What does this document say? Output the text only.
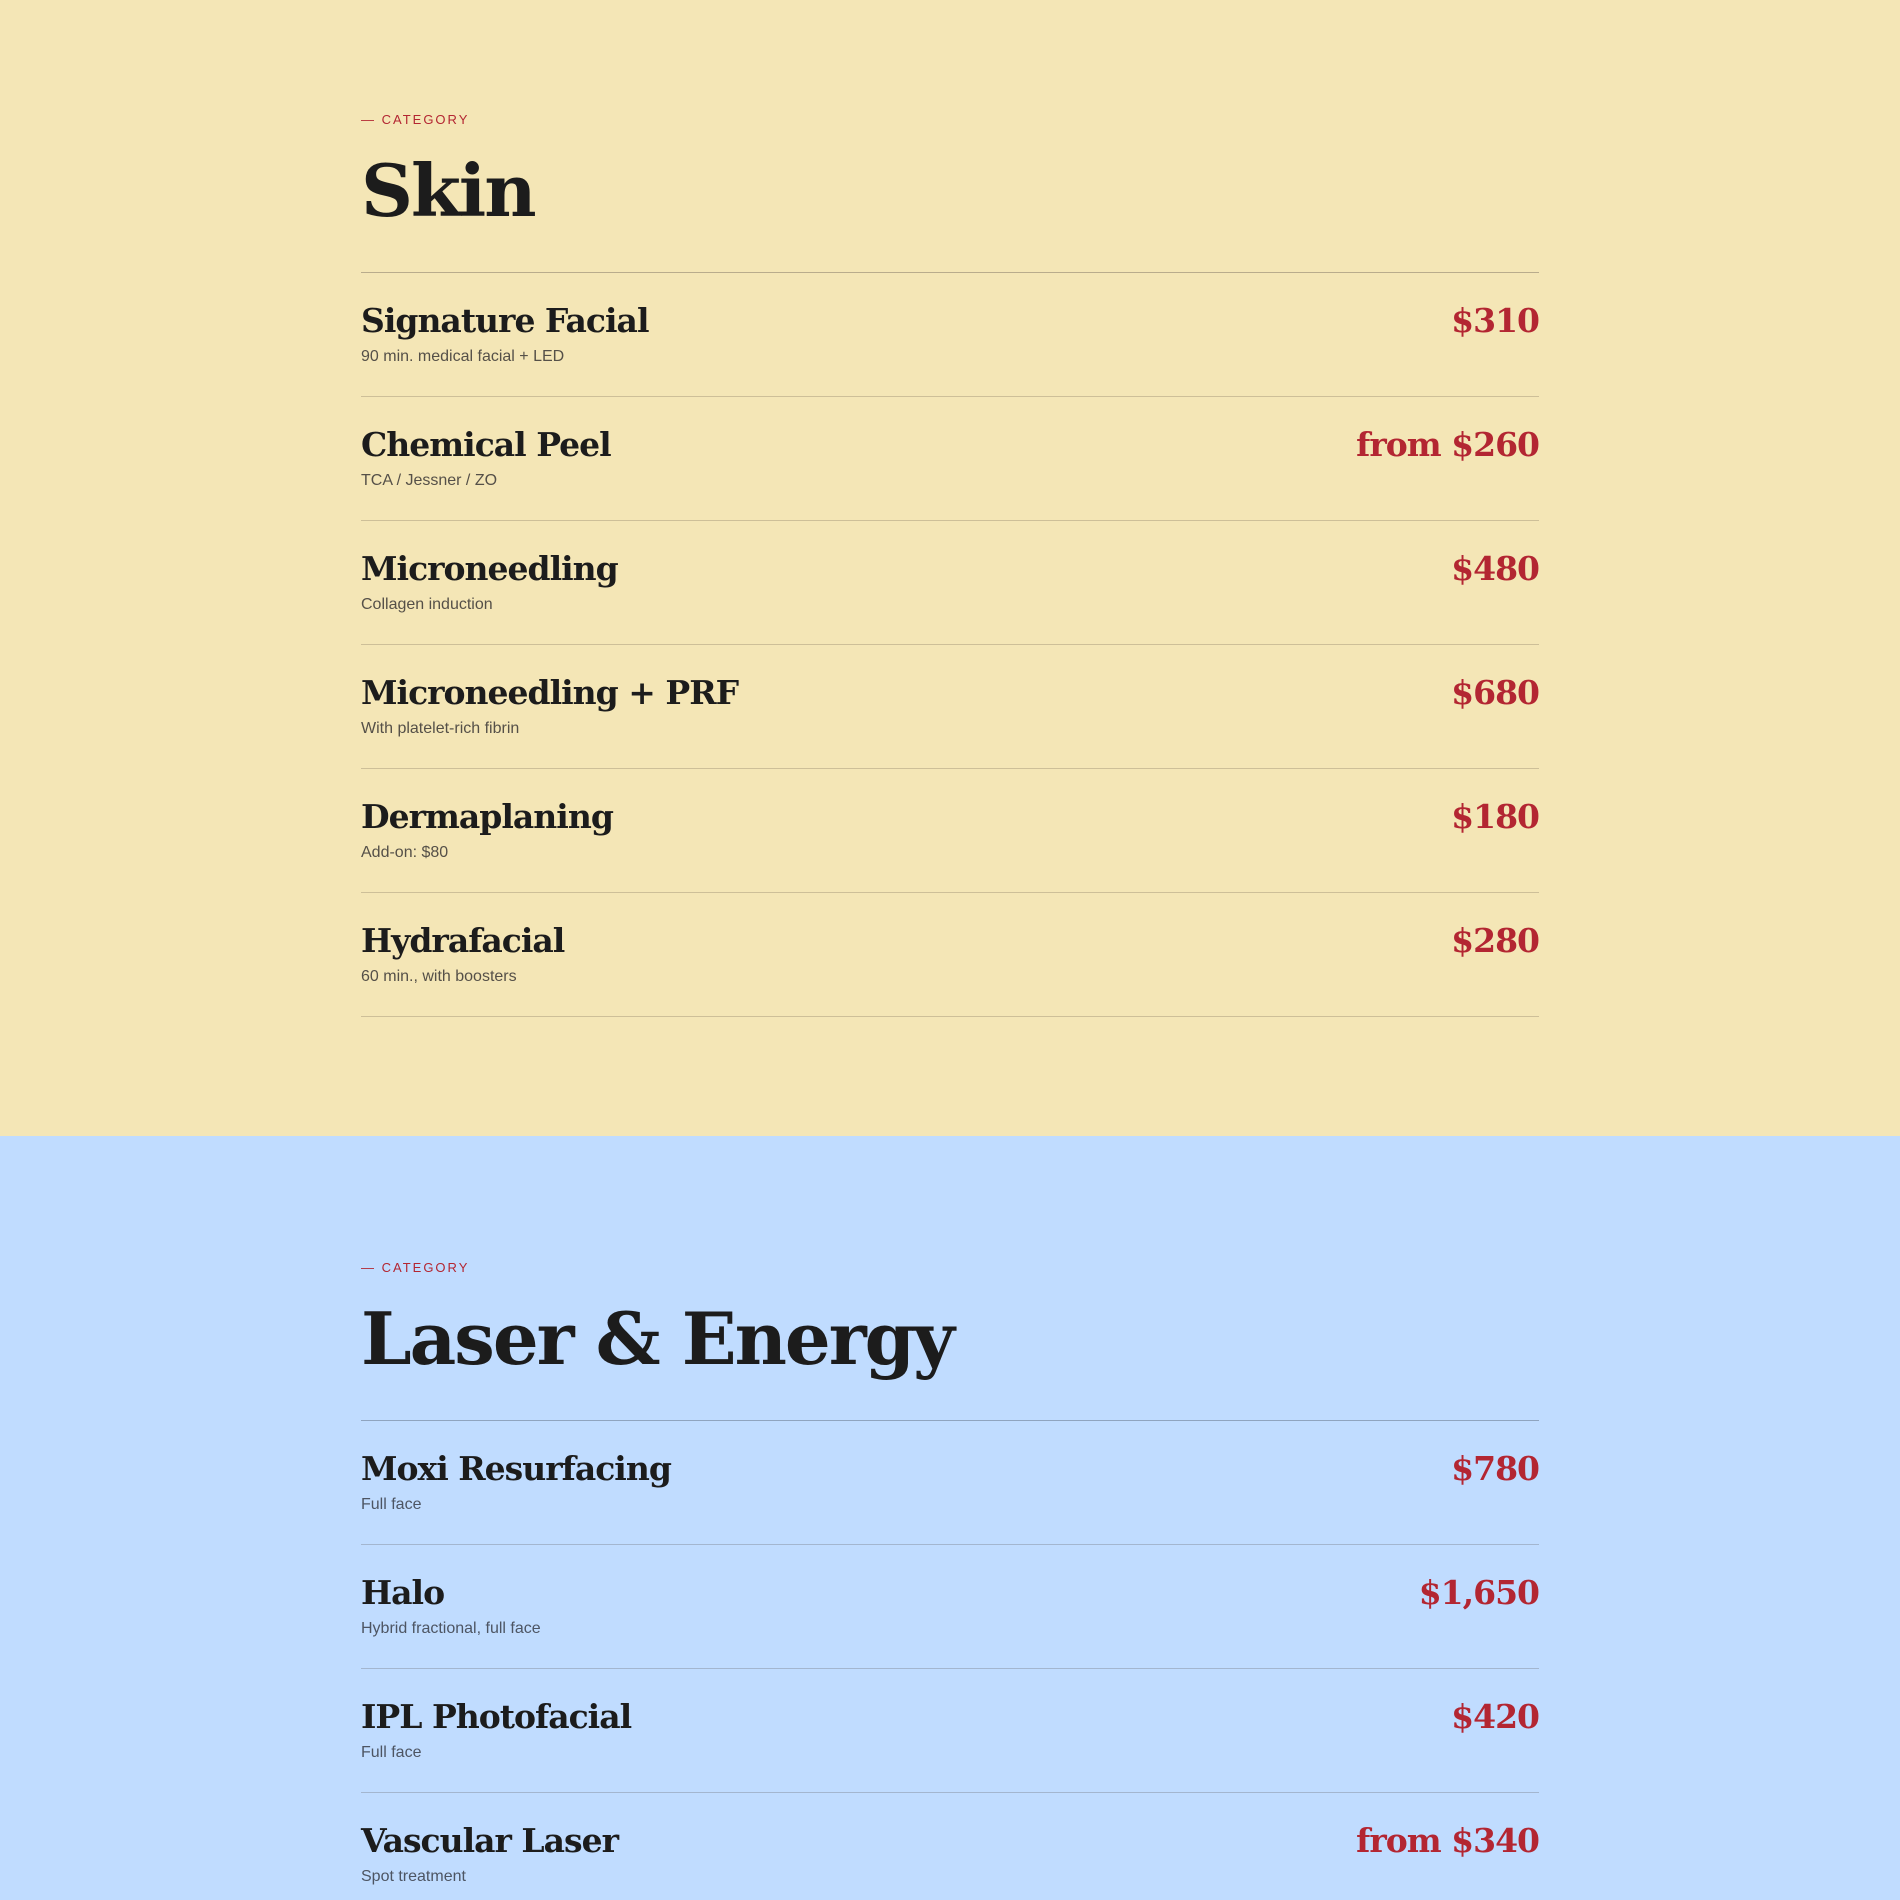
— CATEGORY
Skin
Signature Facial
90 min. medical facial + LED
$310
Chemical Peel
TCA / Jessner / ZO
from $260
Microneedling
Collagen induction
$480
Microneedling + PRF
With platelet-rich fibrin
$680
Dermaplaning
Add-on: $80
$180
Hydrafacial
60 min., with boosters
$280
— CATEGORY
Laser & Energy
Moxi Resurfacing
Full face
$780
Halo
Hybrid fractional, full face
$1,650
IPL Photofacial
Full face
$420
Vascular Laser
Spot treatment
from $340
